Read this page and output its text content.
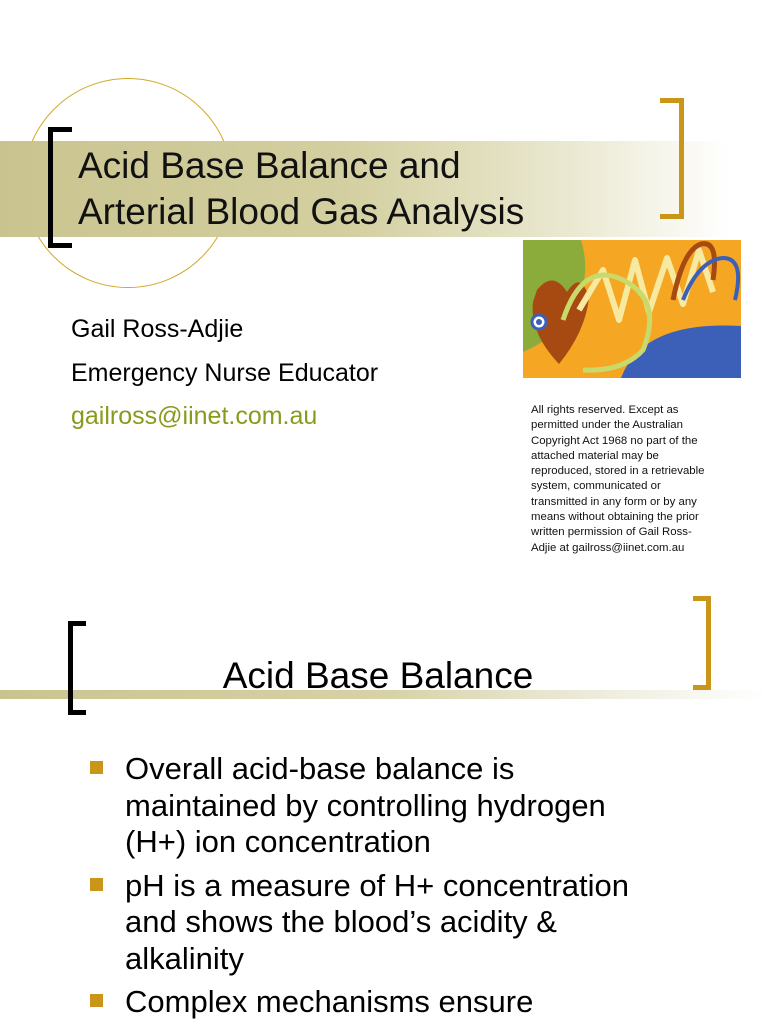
Acid Base Balance and
Arterial Blood Gas Analysis
Gail Ross-Adjie
Emergency Nurse Educator
gailross@iinet.com.au	All rights reserved. Except as
permitted under the Australian
Copyright Act 1968 no part of the
attached material may be
reproduced, stored in a retrievable
system, communicated or
transmitted in any form or by any
means without obtaining the prior
written permission of Gail Ross-
Adjie at gailross@iinet.com.au
Acid Base Balance
Overall acid-base balance is
maintained by controlling hydrogen
(H+) ion concentration
pH is a measure of H+ concentration
and shows the blood’s acidity &
alkalinity
Complex mechanisms ensure
